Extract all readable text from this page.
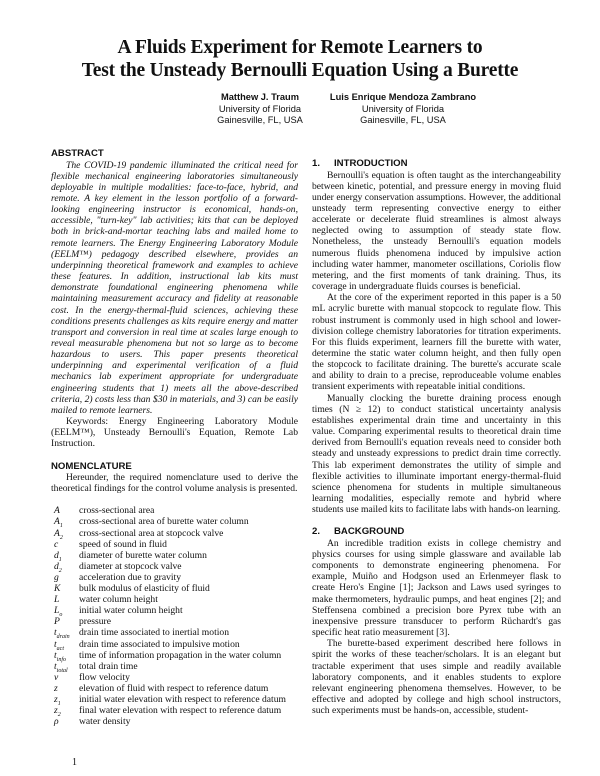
A Fluids Experiment for Remote Learners to
Test the Unsteady Bernoulli Equation Using a Burette
Matthew J. Traum
University of Florida
Gainesville, FL, USA
Luis Enrique Mendoza Zambrano
University of Florida
Gainesville, FL, USA
ABSTRACT

The COVID-19 pandemic illuminated the critical need for flexible mechanical engineering laboratories simultaneously deployable in multiple modalities: face-to-face, hybrid, and remote. A key element in the lesson portfolio of a forward-looking engineering instructor is economical, hands-on, accessible, "turn-key" lab activities; kits that can be deployed both in brick-and-mortar teaching labs and mailed home to remote learners. The Energy Engineering Laboratory Module (EELM™) pedagogy described elsewhere, provides an underpinning theoretical framework and examples to achieve these features. In addition, instructional lab kits must demonstrate foundational engineering phenomena while maintaining measurement accuracy and fidelity at reasonable cost. In the energy-thermal-fluid sciences, achieving these conditions presents challenges as kits require energy and matter transport and conversion in real time at scales large enough to reveal measurable phenomena but not so large as to become hazardous to users. This paper presents theoretical underpinning and experimental verification of a fluid mechanics lab experiment appropriate for undergraduate engineering students that 1) meets all the above-described criteria, 2) costs less than $30 in materials, and 3) can be easily mailed to remote learners.

Keywords: Energy Engineering Laboratory Module (EELM™), Unsteady Bernoulli's Equation, Remote Lab Instruction.

NOMENCLATURE

Hereunder, the required nomenclature used to derive the theoretical findings for the control volume analysis is presented.

A	cross-sectional area
$A_1$	cross-sectional area of burette water column
$A_2$	cross-sectional area at stopcock valve
c	speed of sound in fluid
$d_1$	diameter of burette water column
$d_2$	diameter at stopcock valve
g	acceleration due to gravity
K	bulk modulus of elasticity of fluid
L	water column height
$L_o$	initial water column height
P	pressure
$t_{drain}$ drain time associated to inertial motion
$t_{act}$	drain time associated to impulsive motion
$t_{info}$	time of information propagation in the water column
$t_{total}$	total drain time
v	flow velocity
z	elevation of fluid with respect to reference datum
$z_1$	initial water elevation with respect to reference datum
$z_2$	final water elevation with respect to reference datum
ρ	water density
1. INTRODUCTION

Bernoulli's equation is often taught as the interchangeability between kinetic, potential, and pressure energy in moving fluid under energy conservation assumptions. However, the additional unsteady term representing convective energy to either accelerate or decelerate fluid streamlines is almost always neglected owing to assumption of steady state flow. Nonetheless, the unsteady Bernoulli's equation models numerous fluids phenomena induced by impulsive action including water hammer, manometer oscillations, Coriolis flow metering, and the first moments of tank draining. Thus, its coverage in undergraduate fluids courses is beneficial.

At the core of the experiment reported in this paper is a 50 mL acrylic burette with manual stopcock to regulate flow. This robust instrument is commonly used in high school and lower-division college chemistry laboratories for titration experiments. For this fluids experiment, learners fill the burette with water, determine the static water column height, and then fully open the stopcock to facilitate draining. The burette's accurate scale and ability to drain to a precise, reproduceable volume enables transient experiments with repeatable initial conditions.

Manually clocking the burette draining process enough times (N ≥ 12) to conduct statistical uncertainty analysis establishes experimental drain time and uncertainty in this value. Comparing experimental results to theoretical drain time derived from Bernoulli's equation reveals need to consider both steady and unsteady expressions to predict drain time correctly. This lab experiment demonstrates the utility of simple and flexible activities to illuminate important energy-thermal-fluid science phenomena for students in multiple simultaneous learning modalities, especially remote and hybrid where students use mailed kits to facilitate labs with hands-on learning.

2. BACKGROUND

An incredible tradition exists in college chemistry and physics courses for using simple glassware and available lab components to demonstrate engineering phenomena. For example, Muiño and Hodgson used an Erlenmeyer flask to create Hero's Engine [1]; Jackson and Laws used syringes to make thermometers, hydraulic pumps, and heat engines [2]; and Steffensena combined a precision bore Pyrex tube with an inexpensive pressure transducer to perform Rüchardt's gas specific heat ratio measurement [3].

The burette-based experiment described here follows in spirit the works of these teacher/scholars. It is an elegant but tractable experiment that uses simple and readily available laboratory components, and it enables students to explore relevant engineering phenomena themselves. However, to be effective and adopted by college and high school instructors, such experiments must be hands-on, accessible, student-

1
